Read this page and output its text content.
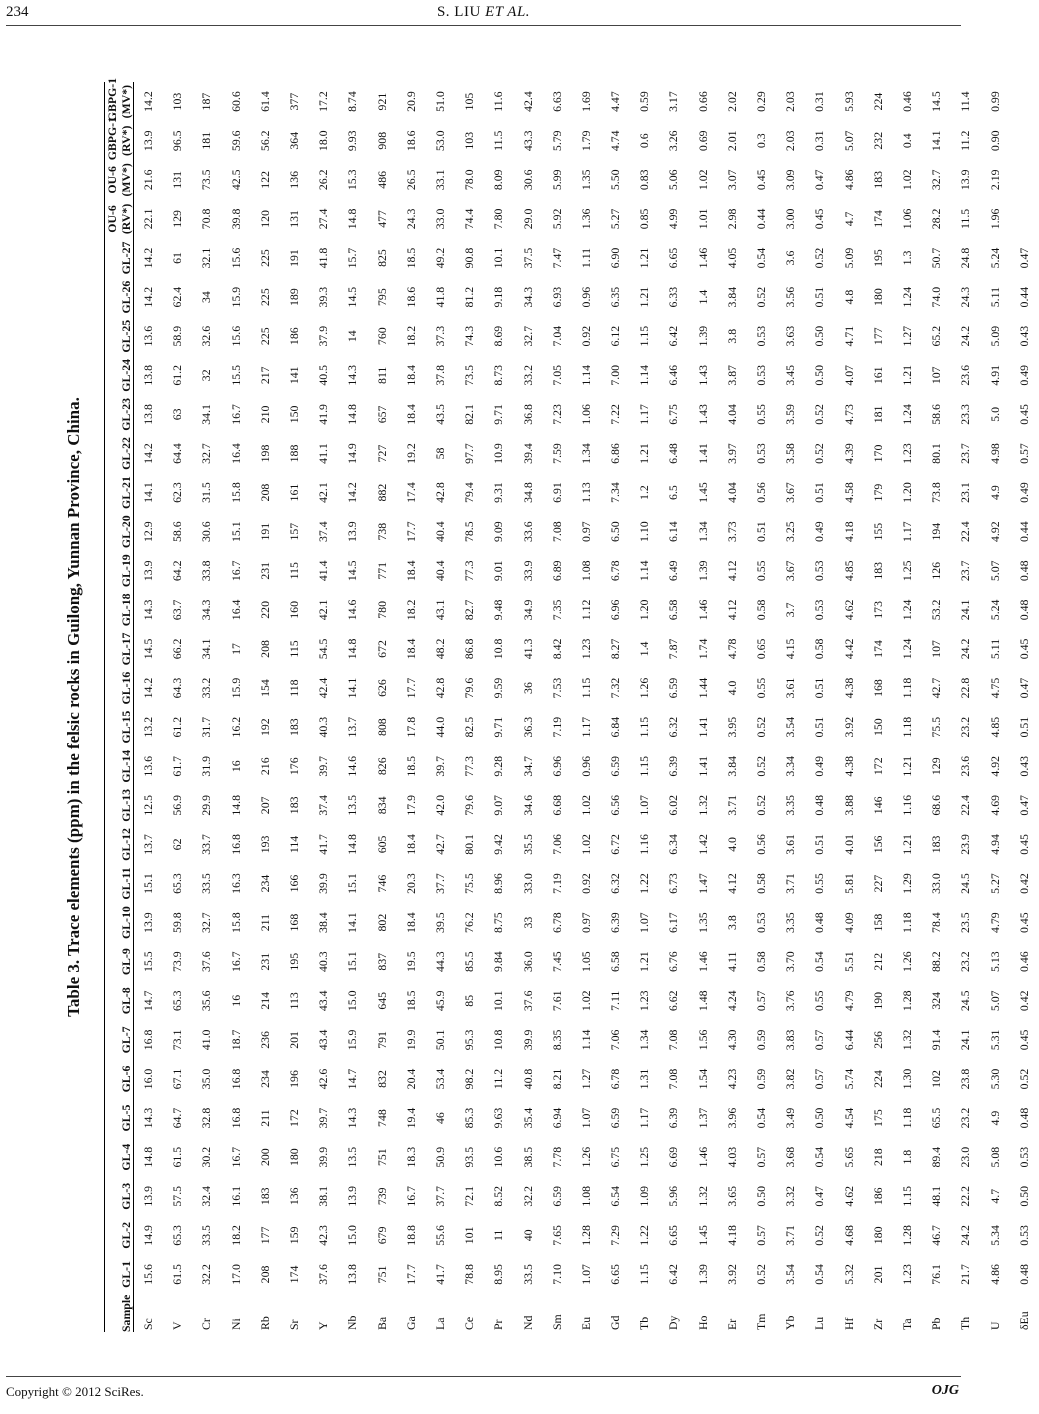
234	S. LIU ET AL.
Table 3. Trace elements (ppm) in the felsic rocks in Guilong, Yunnan Province, China.
																												OU-6	OU-6	GBPG-1	GBPG-1
Sample	GL-1	GL-2	GL-3	GL-4	GL-5	GL-6	GL-7	GL-8	GL-9	GL-10	GL-11	GL-12	GL-13	GL-14	GL-15	GL-16	GL-17	GL-18	GL-19	GL-20	GL-21	GL-22	GL-23	GL-24	GL-25	GL-26	GL-27	(RV*)	(MV*)	(RV*)	(MV*)
Sc	15.6	14.9	13.9	14.8	14.3	16.0	16.8	14.7	15.5	13.9	15.1	13.7	12.5	13.6	13.2	14.2	14.5	14.3	13.9	12.9	14.1	14.2	13.8	13.8	13.6	14.2	14.2	22.1	21.6	13.9	14.2
V	61.5	65.3	57.5	61.5	64.7	67.1	73.1	65.3	73.9	59.8	65.3	62	56.9	61.7	61.2	64.3	66.2	63.7	64.2	58.6	62.3	64.4	63	61.2	58.9	62.4	61	129	131	96.5	103
Cr	32.2	33.5	32.4	30.2	32.8	35.0	41.0	35.6	37.6	32.7	33.5	33.7	29.9	31.9	31.7	33.2	34.1	34.3	33.8	30.6	31.5	32.7	34.1	32	32.6	34	32.1	70.8	73.5	181	187
Ni	17.0	18.2	16.1	16.7	16.8	16.8	18.7	16	16.7	15.8	16.3	16.8	14.8	16	16.2	15.9	17	16.4	16.7	15.1	15.8	16.4	16.7	15.5	15.6	15.9	15.6	39.8	42.5	59.6	60.6
Rb	208	177	183	200	211	234	236	214	231	211	234	193	207	216	192	154	208	220	231	191	208	198	210	217	225	225	225	120	122	56.2	61.4
Sr	174	159	136	180	172	196	201	113	195	168	166	114	183	176	183	118	115	160	115	157	161	188	150	141	186	189	191	131	136	364	377
Y	37.6	42.3	38.1	39.9	39.7	42.6	43.4	43.4	40.3	38.4	39.9	41.7	37.4	39.7	40.3	42.4	54.5	42.1	41.4	37.4	42.1	41.1	41.9	40.5	37.9	39.3	41.8	27.4	26.2	18.0	17.2
Nb	13.8	15.0	13.9	13.5	14.3	14.7	15.9	15.0	15.1	14.1	15.1	14.8	13.5	14.6	13.7	14.1	14.8	14.6	14.5	13.9	14.2	14.9	14.8	14.3	14	14.5	15.7	14.8	15.3	9.93	8.74
Ba	751	679	739	751	748	832	791	645	837	802	746	605	834	826	808	626	672	780	771	738	882	727	657	811	760	795	825	477	486	908	921
Ga	17.7	18.8	16.7	18.3	19.4	20.4	19.9	18.5	19.5	18.4	20.3	18.4	17.9	18.5	17.8	17.7	18.4	18.2	18.4	17.7	17.4	19.2	18.4	18.4	18.2	18.6	18.5	24.3	26.5	18.6	20.9
La	41.7	55.6	37.7	50.9	46	53.4	50.1	45.9	44.3	39.5	37.7	42.7	42.0	39.7	44.0	42.8	48.2	43.1	40.4	40.4	42.8	58	43.5	37.8	37.3	41.8	49.2	33.0	33.1	53.0	51.0
Ce	78.8	101	72.1	93.5	85.3	98.2	95.3	85	85.5	76.2	75.5	80.1	79.6	77.3	82.5	79.6	86.8	82.7	77.3	78.5	79.4	97.7	82.1	73.5	74.3	81.2	90.8	74.4	78.0	103	105
Pr	8.95	11	8.52	10.6	9.63	11.2	10.8	10.1	9.84	8.75	8.96	9.42	9.07	9.28	9.71	9.59	10.8	9.48	9.01	9.09	9.31	10.9	9.71	8.73	8.69	9.18	10.1	7.80	8.09	11.5	11.6
Nd	33.5	40	32.2	38.5	35.4	40.8	39.9	37.6	36.0	33	33.0	35.5	34.6	34.7	36.3	36	41.3	34.9	33.9	33.6	34.8	39.4	36.8	33.2	32.7	34.3	37.5	29.0	30.6	43.3	42.4
Sm	7.10	7.65	6.59	7.78	6.94	8.21	8.35	7.61	7.45	6.78	7.19	7.06	6.68	6.96	7.19	7.53	8.42	7.35	6.89	7.08	6.91	7.59	7.23	7.05	7.04	6.93	7.47	5.92	5.99	5.79	6.63
Eu	1.07	1.28	1.08	1.26	1.07	1.27	1.14	1.02	1.05	0.97	0.92	1.02	1.02	0.96	1.17	1.15	1.23	1.12	1.08	0.97	1.13	1.34	1.06	1.14	0.92	0.96	1.11	1.36	1.35	1.79	1.69
Gd	6.65	7.29	6.54	6.75	6.59	6.78	7.06	7.11	6.58	6.39	6.32	6.72	6.56	6.59	6.84	7.32	8.27	6.96	6.78	6.50	7.34	6.86	7.22	7.00	6.12	6.35	6.90	5.27	5.50	4.74	4.47
Tb	1.15	1.22	1.09	1.25	1.17	1.31	1.34	1.23	1.21	1.07	1.22	1.16	1.07	1.15	1.15	1.26	1.4	1.20	1.14	1.10	1.2	1.21	1.17	1.14	1.15	1.21	1.21	0.85	0.83	0.6	0.59
Dy	6.42	6.65	5.96	6.69	6.39	7.08	7.08	6.62	6.76	6.17	6.73	6.34	6.02	6.39	6.32	6.59	7.87	6.58	6.49	6.14	6.5	6.48	6.75	6.46	6.42	6.33	6.65	4.99	5.06	3.26	3.17
Ho	1.39	1.45	1.32	1.46	1.37	1.54	1.56	1.48	1.46	1.35	1.47	1.42	1.32	1.41	1.41	1.44	1.74	1.46	1.39	1.34	1.45	1.41	1.43	1.43	1.39	1.4	1.46	1.01	1.02	0.69	0.66
Er	3.92	4.18	3.65	4.03	3.96	4.23	4.30	4.24	4.11	3.8	4.12	4.0	3.71	3.84	3.95	4.0	4.78	4.12	4.12	3.73	4.04	3.97	4.04	3.87	3.8	3.84	4.05	2.98	3.07	2.01	2.02
Tm	0.52	0.57	0.50	0.57	0.54	0.59	0.59	0.57	0.58	0.53	0.58	0.56	0.52	0.52	0.52	0.55	0.65	0.58	0.55	0.51	0.56	0.53	0.55	0.53	0.53	0.52	0.54	0.44	0.45	0.3	0.29
Yb	3.54	3.71	3.32	3.68	3.49	3.82	3.83	3.76	3.70	3.35	3.71	3.61	3.35	3.34	3.54	3.61	4.15	3.7	3.67	3.25	3.67	3.58	3.59	3.45	3.63	3.56	3.6	3.00	3.09	2.03	2.03
Lu	0.54	0.52	0.47	0.54	0.50	0.57	0.57	0.55	0.54	0.48	0.55	0.51	0.48	0.49	0.51	0.51	0.58	0.53	0.53	0.49	0.51	0.52	0.52	0.50	0.50	0.51	0.52	0.45	0.47	0.31	0.31
Hf	5.32	4.68	4.62	5.65	4.54	5.74	6.44	4.79	5.51	4.09	5.81	4.01	3.88	4.38	3.92	4.38	4.42	4.62	4.85	4.18	4.58	4.39	4.73	4.07	4.71	4.8	5.09	4.7	4.86	5.07	5.93
Zr	201	180	186	218	175	224	256	190	212	158	227	156	146	172	150	168	174	173	183	155	179	170	181	161	177	180	195	174	183	232	224
Ta	1.23	1.28	1.15	1.8	1.18	1.30	1.32	1.28	1.26	1.18	1.29	1.21	1.16	1.21	1.18	1.18	1.24	1.24	1.25	1.17	1.20	1.23	1.24	1.21	1.27	1.24	1.3	1.06	1.02	0.4	0.46
Pb	76.1	46.7	48.1	89.4	65.5	102	91.4	324	88.2	78.4	33.0	183	68.6	129	75.5	42.7	107	53.2	126	194	73.8	80.1	58.6	107	65.2	74.0	50.7	28.2	32.7	14.1	14.5
Th	21.7	24.2	22.2	23.0	23.2	23.8	24.1	24.5	23.2	23.5	24.5	23.9	22.4	23.6	23.2	22.8	24.2	24.1	23.7	22.4	23.1	23.7	23.3	23.6	24.2	24.3	24.8	11.5	13.9	11.2	11.4
U	4.86	5.34	4.7	5.08	4.9	5.30	5.31	5.07	5.13	4.79	5.27	4.94	4.69	4.92	4.85	4.75	5.11	5.24	5.07	4.92	4.9	4.98	5.0	4.91	5.09	5.11	5.24	1.96	2.19	0.90	0.99
δEu	0.48	0.53	0.50	0.53	0.48	0.52	0.45	0.42	0.46	0.45	0.42	0.45	0.47	0.43	0.51	0.47	0.45	0.48	0.48	0.44	0.49	0.57	0.45	0.49	0.43	0.44	0.47				
Copyright © 2012 SciRes.	OJG
